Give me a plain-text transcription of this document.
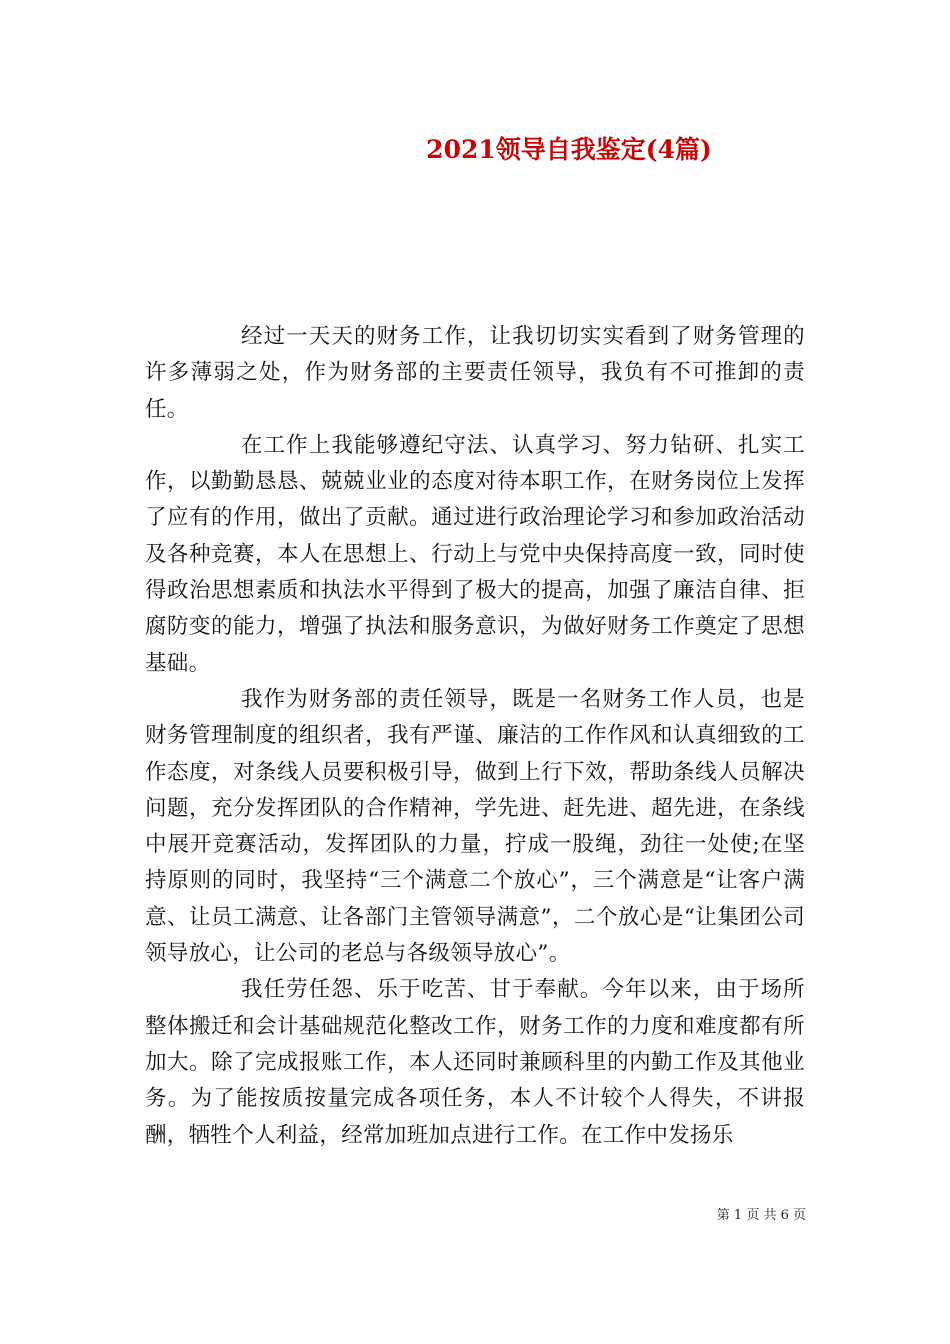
2021领导自我鉴定(4篇)

经过一天天的财务工作，让我切切实实看到了财务管理的许多薄弱之处，作为财务部的主要责任领导，我负有不可推卸的责任。

在工作上我能够遵纪守法、认真学习、努力钻研、扎实工作，以勤勤恳恳、兢兢业业的态度对待本职工作，在财务岗位上发挥了应有的作用，做出了贡献。通过进行政治理论学习和参加政治活动及各种竞赛，本人在思想上、行动上与党中央保持高度一致，同时使得政治思想素质和执法水平得到了极大的提高，加强了廉洁自律、拒腐防变的能力，增强了执法和服务意识，为做好财务工作奠定了思想基础。

我作为财务部的责任领导，既是一名财务工作人员，也是财务管理制度的组织者，我有严谨、廉洁的工作作风和认真细致的工作态度，对条线人员要积极引导，做到上行下效，帮助条线人员解决问题，充分发挥团队的合作精神，学先进、赶先进、超先进，在条线中展开竞赛活动，发挥团队的力量，拧成一股绳，劲往一处使;在坚持原则的同时，我坚持“三个满意二个放心”，三个满意是“让客户满意、让员工满意、让各部门主管领导满意”，二个放心是“让集团公司领导放心，让公司的老总与各级领导放心”。

我任劳任怨、乐于吃苦、甘于奉献。今年以来，由于场所整体搬迁和会计基础规范化整改工作，财务工作的力度和难度都有所加大。除了完成报账工作，本人还同时兼顾科里的内勤工作及其他业务。为了能按质按量完成各项任务，本人不计较个人得失，不讲报酬，牺牲个人利益，经常加班加点进行工作。在工作中发扬乐

第 1 页 共 6 页
